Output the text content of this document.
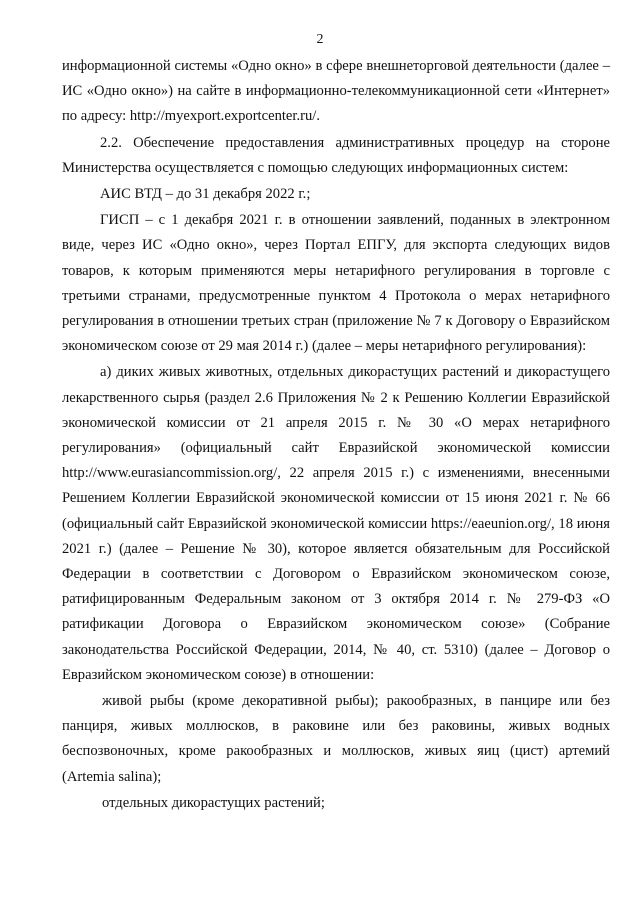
2

информационной системы «Одно окно» в сфере внешнеторговой деятельности (далее – ИС «Одно окно») на сайте в информационно-телекоммуникационной сети «Интернет» по адресу: http://myexport.exportcenter.ru/.

2.2. Обеспечение предоставления административных процедур на стороне Министерства осуществляется с помощью следующих информационных систем:

АИС ВТД – до 31 декабря 2022 г.;

ГИСП – с 1 декабря 2021 г. в отношении заявлений, поданных в электронном виде, через ИС «Одно окно», через Портал ЕПГУ, для экспорта следующих видов товаров, к которым применяются меры нетарифного регулирования в торговле с третьими странами, предусмотренные пунктом 4 Протокола о мерах нетарифного регулирования в отношении третьих стран (приложение № 7 к Договору о Евразийском экономическом союзе от 29 мая 2014 г.) (далее – меры нетарифного регулирования):

а) диких живых животных, отдельных дикорастущих растений и дикорастущего лекарственного сырья (раздел 2.6 Приложения № 2 к Решению Коллегии Евразийской экономической комиссии от 21 апреля 2015 г. № 30 «О мерах нетарифного регулирования» (официальный сайт Евразийской экономической комиссии http://www.eurasiancommission.org/, 22 апреля 2015 г.) с изменениями, внесенными Решением Коллегии Евразийской экономической комиссии от 15 июня 2021 г. № 66 (официальный сайт Евразийской экономической комиссии https://eaeunion.org/, 18 июня 2021 г.) (далее – Решение № 30), которое является обязательным для Российской Федерации в соответствии с Договором о Евразийском экономическом союзе, ратифицированным Федеральным законом от 3 октября 2014 г. № 279-ФЗ «О ратификации Договора о Евразийском экономическом союзе» (Собрание законодательства Российской Федерации, 2014, № 40, ст. 5310) (далее – Договор о Евразийском экономическом союзе) в отношении:

живой рыбы (кроме декоративной рыбы); ракообразных, в панцире или без панциря, живых моллюсков, в раковине или без раковины, живых водных беспозвоночных, кроме ракообразных и моллюсков, живых яиц (цист) артемий (Artemia salina);

отдельных дикорастущих растений;
